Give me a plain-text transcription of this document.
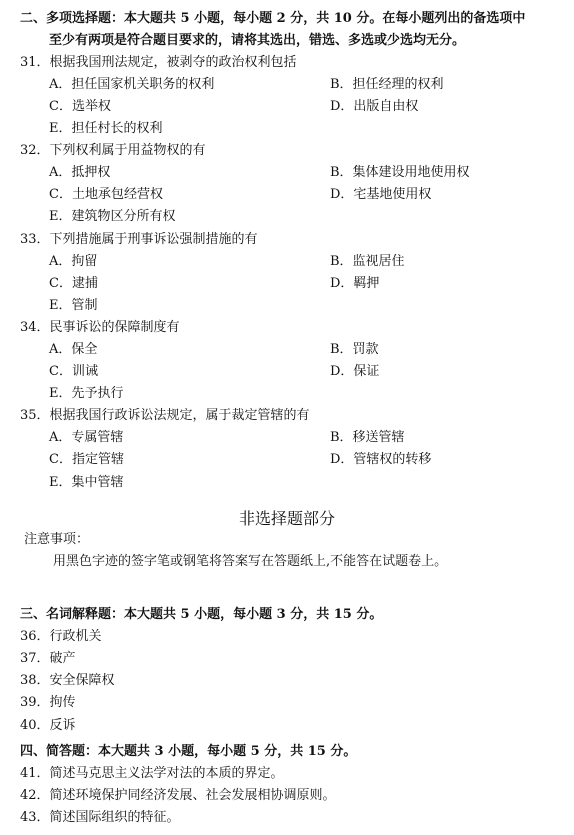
二、多项选择题：本大题共 5 小题，每小题 2 分，共 10 分。在每小题列出的备选项中
至少有两项是符合题目要求的，请将其选出，错选、多选或少选均无分。
31．根据我国刑法规定，被剥夺的政治权利包括
A．担任国家机关职务的权利	B．担任经理的权利
C．选举权	D．出版自由权
E．担任村长的权利
32．下列权利属于用益物权的有
A．抵押权	B．集体建设用地使用权
C．土地承包经营权	D．宅基地使用权
E．建筑物区分所有权
33．下列措施属于刑事诉讼强制措施的有
A．拘留	B．监视居住
C．逮捕	D．羁押
E．管制
34．民事诉讼的保障制度有
A．保全	B．罚款
C．训诫	D．保证
E．先予执行
35．根据我国行政诉讼法规定，属于裁定管辖的有
A．专属管辖	B．移送管辖
C．指定管辖	D．管辖权的转移
E．集中管辖
非选择题部分
注意事项：
用黑色字迹的签字笔或钢笔将答案写在答题纸上,不能答在试题卷上。
三、名词解释题：本大题共 5 小题，每小题 3 分，共 15 分。
36．行政机关
37．破产
38．安全保障权
39．拘传
40．反诉
四、简答题：本大题共 3 小题，每小题 5 分，共 15 分。
41．简述马克思主义法学对法的本质的界定。
42．简述环境保护同经济发展、社会发展相协调原则。
43．简述国际组织的特征。
